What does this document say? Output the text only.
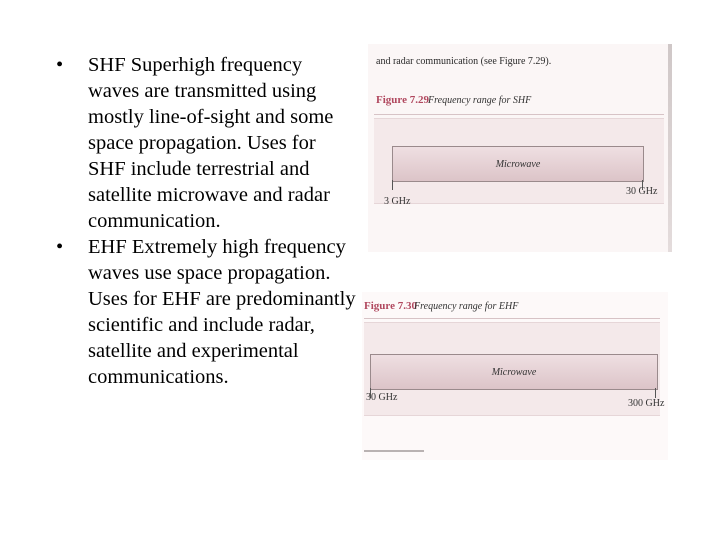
• SHF Superhigh frequency waves are transmitted using mostly line-of-sight and some space propagation. Uses for SHF include terrestrial and satellite microwave and radar communication.
• EHF Extremely high frequency waves use space propagation. Uses for EHF are predominantly scientific and include radar, satellite and experimental communications.
and radar communication (see Figure 7.29).
Figure 7.29 Frequency range for SHF
Microwave
3 GHz
30 GHz
Figure 7.30
Frequency range for EHF
Microwave
30 GHz
300 GHz
